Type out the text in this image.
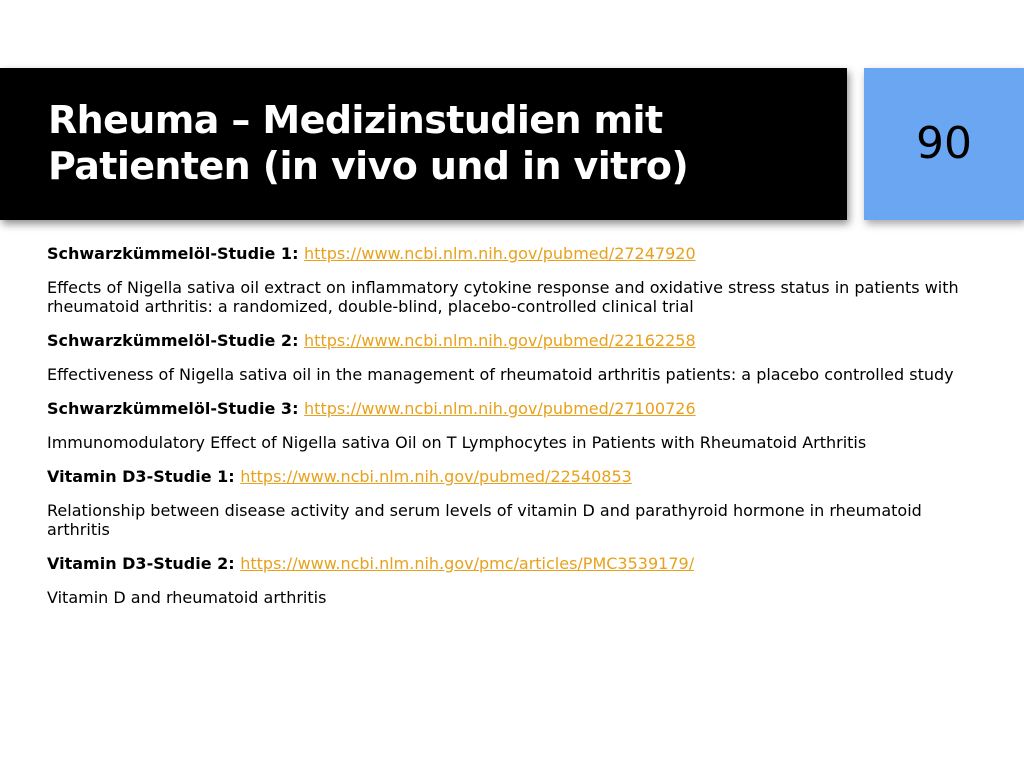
Rheuma – Medizinstudien mit
Patienten (in vivo und in vitro)	90

Schwarzkümmelöl-Studie 1: https://www.ncbi.nlm.nih.gov/pubmed/27247920

Effects of Nigella sativa oil extract on inflammatory cytokine response and oxidative stress status in patients with rheumatoid arthritis: a randomized, double-blind, placebo-controlled clinical trial

Schwarzkümmelöl-Studie 2: https://www.ncbi.nlm.nih.gov/pubmed/22162258

Effectiveness of Nigella sativa oil in the management of rheumatoid arthritis patients: a placebo controlled study

Schwarzkümmelöl-Studie 3: https://www.ncbi.nlm.nih.gov/pubmed/27100726

Immunomodulatory Effect of Nigella sativa Oil on T Lymphocytes in Patients with Rheumatoid Arthritis

Vitamin D3-Studie 1: https://www.ncbi.nlm.nih.gov/pubmed/22540853

Relationship between disease activity and serum levels of vitamin D and parathyroid hormone in rheumatoid arthritis

Vitamin D3-Studie 2: https://www.ncbi.nlm.nih.gov/pmc/articles/PMC3539179/

Vitamin D and rheumatoid arthritis
